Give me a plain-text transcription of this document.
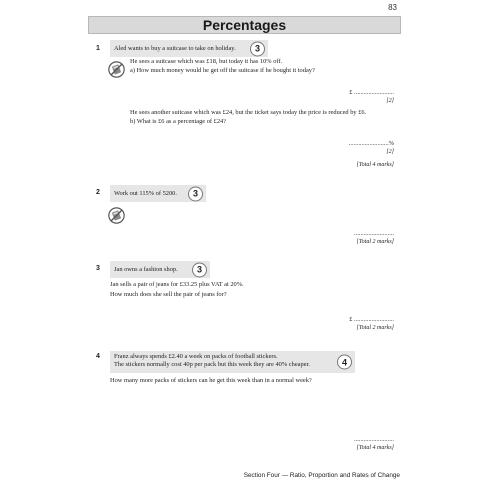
83
Percentages
1 Aled wants to buy a suitcase to take on holiday.	3
He sees a suitcase which was £18, but today it has 10% off.
a) How much money would he get off the suitcase if he bought it today?
£ .........................
[2]
He sees another suitcase which was £24, but the ticket says today the price is reduced by £6.
b) What is £6 as a percentage of £24?
.........................%
[2]
[Total 4 marks]
2 Work out 115% of 5200.	3
.........................
[Total 2 marks]
3 Jan owns a fashion shop.	3
Jan sells a pair of jeans for £33.25 plus VAT at 20%.
How much does she sell the pair of jeans for?
£ .........................
[Total 2 marks]
4 Franz always spends £2.40 a week on packs of football stickers.
The stickers normally cost 40p per pack but this week they are 40% cheaper.	4
How many more packs of stickers can he get this week than in a normal week?
.........................
[Total 4 marks]
Section Four — Ratio, Proportion and Rates of Change
